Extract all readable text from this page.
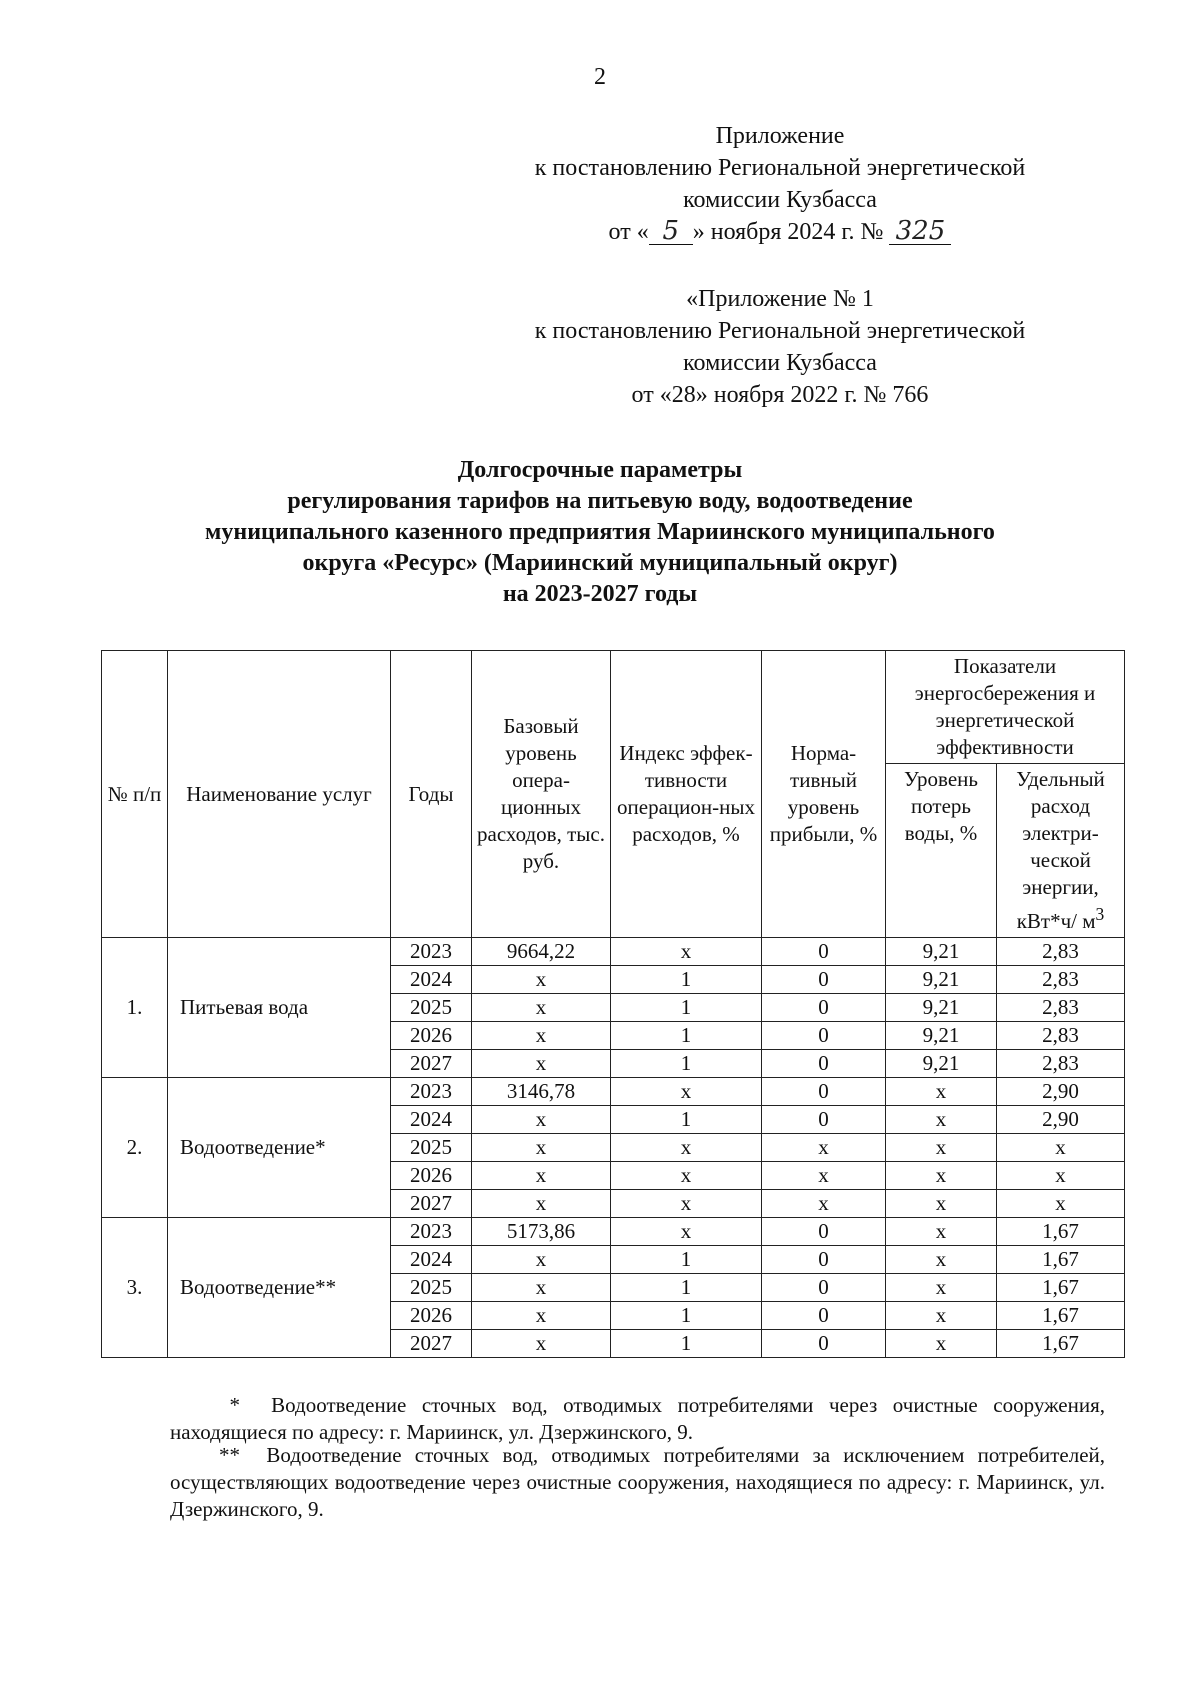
2
Приложение
к постановлению Региональной энергетической
комиссии Кузбасса
от « 5 » ноября 2024 г. № 325
«Приложение № 1
к постановлению Региональной энергетической
комиссии Кузбасса
от «28» ноября 2022 г. № 766
Долгосрочные параметры
регулирования тарифов на питьевую воду, водоотведение
муниципального казенного предприятия Мариинского муниципального
округа «Ресурс» (Мариинский муниципальный округ)
на 2023-2027 годы
№ п/п	Наименование услуг	Годы	Базовый уровень опера-ционных расходов, тыс. руб.	Индекс эффек-тивности операцион-ных расходов, %	Норма-тивный уровень прибыли, %	Показатели энергосбережения и энергетической эффективности	
						Уровень потерь воды, %	Удельный расход электри-ческой энергии, кВт*ч/ $м^3$
1.	Питьевая вода	2023	9664,22	x	0	9,21	2,83
		2024	x	1	0	9,21	2,83
		2025	x	1	0	9,21	2,83
		2026	x	1	0	9,21	2,83
		2027	x	1	0	9,21	2,83
2.	Водоотведение*	2023	3146,78	x	0	x	2,90
		2024	x	1	0	x	2,90
		2025	x	x	x	x	x
		2026	x	x	x	x	x
		2027	x	x	x	x	x
3.	Водоотведение**	2023	5173,86	x	0	x	1,67
		2024	x	1	0	x	1,67
		2025	x	1	0	x	1,67
		2026	x	1	0	x	1,67
		2027	x	1	0	x	1,67
* Водоотведение сточных вод, отводимых потребителями через очистные сооружения, находящиеся по адресу: г. Мариинск, ул. Дзержинского, 9.
** Водоотведение сточных вод, отводимых потребителями за исключением потребителей, осуществляющих водоотведение через очистные сооружения, находящиеся по адресу: г. Мариинск, ул. Дзержинского, 9.
